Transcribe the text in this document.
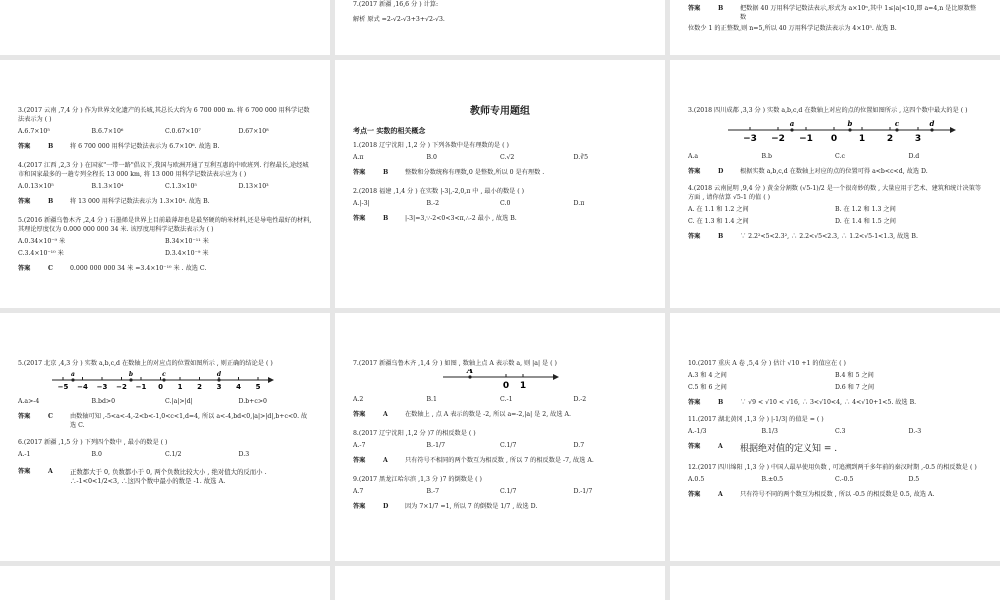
7.(2017 新疆 ,16,6 分 ) 计算:
解析 原式 =2-√2-√3+3+√2-√3.
答案	B	把数据 40 万用科学记数法表示,形式为 a×10ⁿ,其中 1≤|a|<10,即 a=4,n 是比原数整数
位数少 1 的正整数,则 n=5,所以 40 万用科学记数法表示为 4×10⁵. 故选 B.
3.(2017 云南 ,7,4 分 ) 作为世界文化遗产的长城,其总长大约为 6 700 000 m. 将 6 700 000 用科学记数法表示为 ( )
A.6.7×10⁵	B.6.7×10⁶	C.0.67×10⁷	D.67×10⁸
答案	B	将 6 700 000 用科学记数法表示为 6.7×10⁶. 故选 B.
4.(2017 江西 ,2,3 分 ) 在国家"一带一路"倡议下,我国与欧洲开通了互利互惠的中欧班列. 行程最长,途经城市和国家最多的一趟专列全程长 13 000 km, 将 13 000 用科学记数法表示应为 ( )
A.0.13×10⁵	B.1.3×10⁴	C.1.3×10⁵	D.13×10³
答案	B	将 13 000 用科学记数法表示为 1.3×10⁴. 故选 B.
5.(2016 新疆乌鲁木齐 ,2,4 分 ) 石墨烯是世界上目前最薄却也是最坚硬的纳米材料,还是导电性最好的材料,其理论厚度仅为 0.000 000 000 34 米. 该厚度用科学记数法表示为 ( )
A.0.34×10⁻⁹ 米	B.34×10⁻¹¹ 米
C.3.4×10⁻¹⁰ 米	D.3.4×10⁻⁹ 米
答案	C	0.000 000 000 34 米 =3.4×10⁻¹⁰ 米 . 故选 C.
教师专用题组
考点一 实数的相关概念
1.(2018 辽宁沈阳 ,1,2 分 ) 下列各数中是有理数的是 ( )
A.π	B.0	C.√2	D.∛5
答案	B	整数和分数统称有理数,0 是整数,所以 0 是有理数 .
2.(2018 福建 ,1,4 分 ) 在实数 |-3|,-2,0,π 中 , 最小的数是 ( )
A.|-3|	B.-2	C.0	D.π
答案	B	|-3|=3,∵-2<0<3<π,∴-2 最小 , 故选 B.
3.(2018 四川成都 ,3,3 分 ) 实数 a,b,c,d 在数轴上对应的点的位置如图所示 , 这四个数中最大的是 ( )
−3 −2 −1 0 1 2 3
a	b	c	d
A.a	B.b	C.c	D.d
答案	D	根据实数 a,b,c,d 在数轴上对应的点的位置可得 a<b<c<d, 故选 D.
4.(2018 云南昆明 ,9,4 分 ) 黄金分割数 (√5-1)/2 是一个很奇妙的数 , 大量应用于艺术、建筑和统计决策等方面 , 请你估算 √5-1 的值 ( )
A. 在 1.1 和 1.2 之间	B. 在 1.2 和 1.3 之间
C. 在 1.3 和 1.4 之间	D. 在 1.4 和 1.5 之间
答案	B	∵ 2.2²<5<2.3², ∴ 2.2<√5<2.3, ∴ 1.2<√5-1<1.3, 故选 B.
5.(2017 北京 ,4,3 分 ) 实数 a,b,c,d 在数轴上的对应点的位置如图所示 , 则正确的结论是 ( )
−5 −4 −3 −2 −1 0 1 2 3 4 5
a	b	c	d
A.a>-4	B.bd>0	C.|a|>|d|	D.b+c>0
答案	C	由数轴可知 ,-5<a<-4,-2<b<-1,0<c<1,d=4, 所以 a<-4,bd<0,|a|>|d|,b+c<0. 故选 C.
6.(2017 新疆 ,1,5 分 ) 下列四个数中 , 最小的数是 ( )
A.-1	B.0	C.1/2	D.3
答案	A	正数都大于 0, 负数都小于 0, 两个负数比较大小 , 绝对值大的反而小 . ∴-1<0<1/2<3, ∴这四个数中最小的数是 -1. 故选 A.
7.(2017 新疆乌鲁木齐 ,1,4 分 ) 如图 , 数轴上点 A 表示数 a, 则 |a| 是 ( )
0 1
A
A.2	B.1	C.-1	D.-2
答案	A	在数轴上 , 点 A 表示的数是 -2, 所以 a=-2,|a| 是 2, 故选 A.
8.(2017 辽宁沈阳 ,1,2 分 )7 的相反数是 ( )
A.-7	B.-1/7	C.1/7	D.7
答案	A	只有符号不相同的两个数互为相反数 , 所以 7 的相反数是 -7, 故选 A.
9.(2017 黑龙江哈尔滨 ,1,3 分 )7 的倒数是 ( )
A.7	B.-7	C.1/7	D.-1/7
答案	D	因为 7×1/7 =1, 所以 7 的倒数是 1/7 , 故选 D.
10.(2017 重庆 A 卷 ,5,4 分 ) 估计 √10 +1 的值应在 ( )
A.3 和 4 之间	B.4 和 5 之间
C.5 和 6 之间	D.6 和 7 之间
答案	B	∵ √9 < √10 < √16, ∴ 3<√10<4, ∴ 4<√10+1<5. 故选 B.
11.(2017 湖北黄冈 ,1,3 分 ) |-1/3| 的值是 = ( )
A.-1/3	B.1/3	C.3	D.-3
答案	A	根据绝对值的定义知 = .
12.(2017 四川绵阳 ,1,3 分 ) 中国人最早使用负数 , 可追溯到两千多年前的秦汉时期 ,-0.5 的相反数是 ( )
A.0.5	B.±0.5	C.-0.5	D.5
答案	A	只有符号不同的两个数互为相反数 , 所以 -0.5 的相反数是 0.5, 故选 A.
